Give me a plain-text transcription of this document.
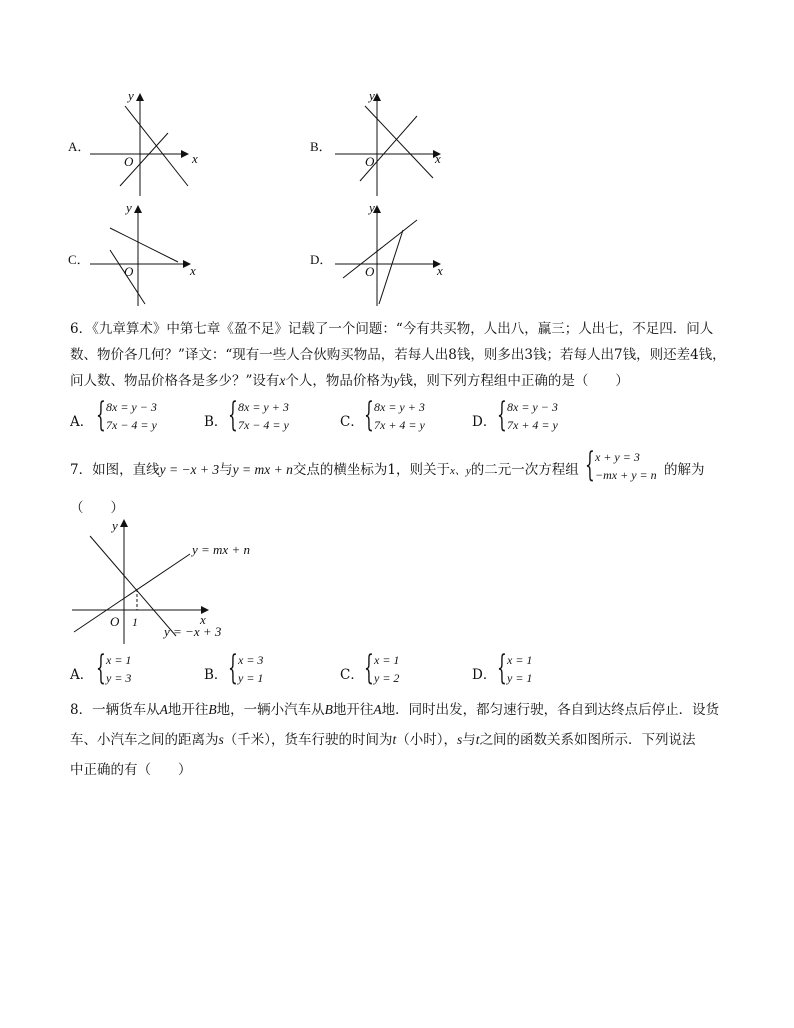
A．
y
x
O
B．
y
x
O
C．
y
x
O
D．
y
x
O
6．《九章算术》中第七章《盈不足》记载了一个问题：“今有共买物，人出八，赢三；人出七，不足四．问人
数、物价各几何？”译文：“现有一些人合伙购买物品，若每人出8钱，则多出3钱；若每人出7钱，则还差4钱，
问人数、物品价格各是多少？”设有x个人，物品价格为y钱，则下列方程组中正确的是（　　）
A． { 8x = y − 3
7x − 4 = y	B． { 8x = y + 3
7x − 4 = y	C． { 8x = y + 3
7x + 4 = y	D． { 8x = y − 3
7x + 4 = y
7．如图，直线y = −x + 3与y = mx + n交点的横坐标为1，则关于x、y的二元一次方程组 { x + y = 3
−mx + y = n 的解为
（　　）
y
x
O 1
y = mx + n
y = −x + 3
A． { x = 1
y = 3	B． { x = 3
y = 1	C． { x = 1
y = 2	D． { x = 1
y = 1
8．一辆货车从A地开往B地，一辆小汽车从B地开往A地．同时出发，都匀速行驶，各自到达终点后停止．设货
车、小汽车之间的距离为s（千米），货车行驶的时间为t（小时），s与t之间的函数关系如图所示．下列说法
中正确的有（　　）
